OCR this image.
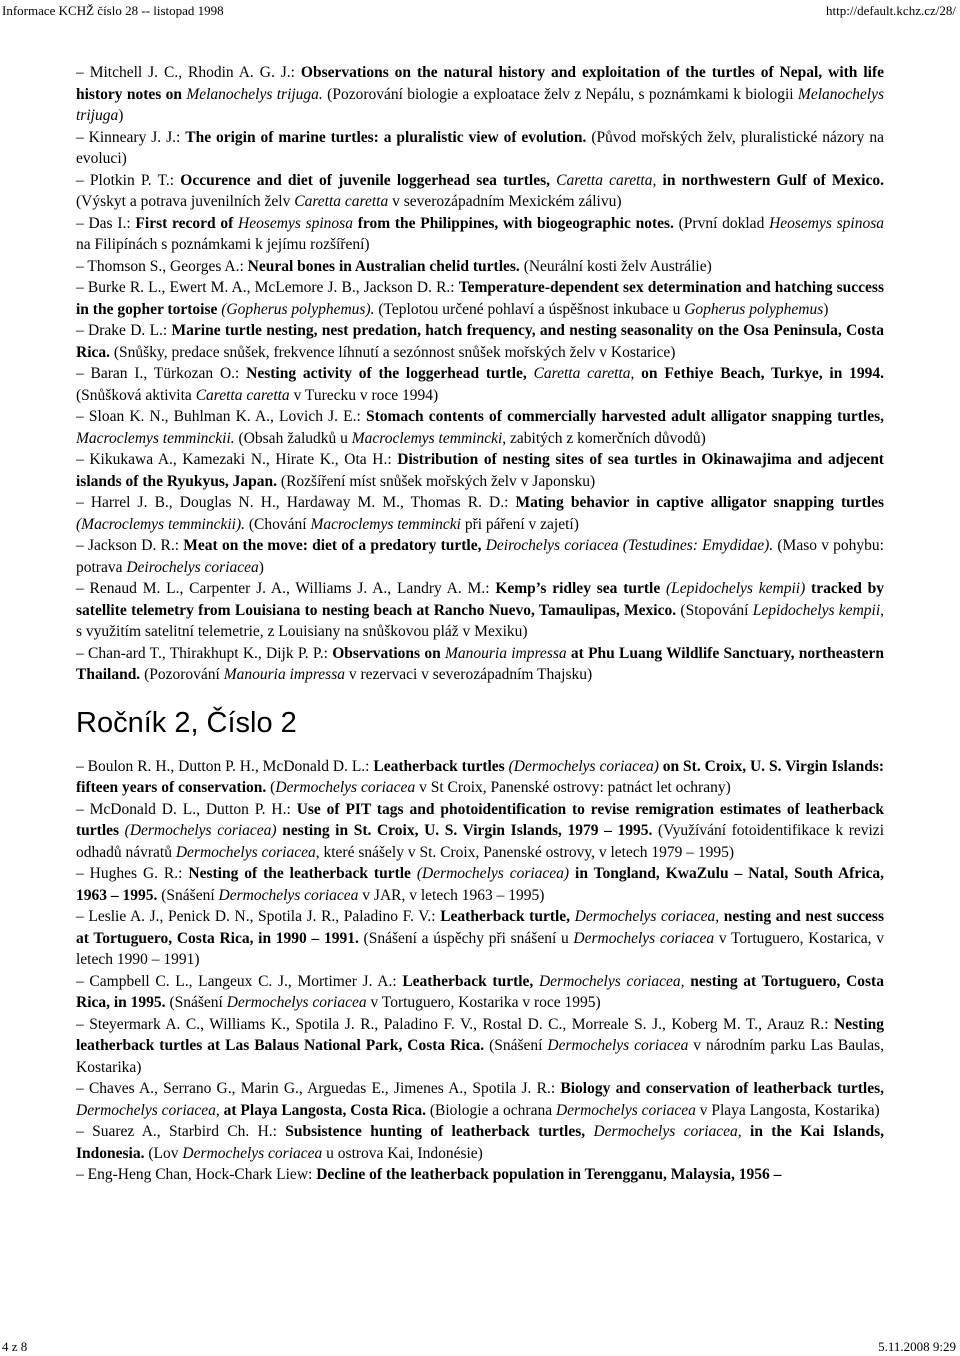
Informace KCHŽ číslo 28 -- listopad 1998	http://default.kchz.cz/28/

– Mitchell J. C., Rhodin A. G. J.: Observations on the natural history and exploitation of the turtles of Nepal, with life history notes on Melanochelys trijuga. (Pozorování biologie a exploatace želv z Nepálu, s poznámkami k biologii Melanochelys trijuga)

– Kinneary J. J.: The origin of marine turtles: a pluralistic view of evolution. (Původ mořských želv, pluralistické názory na evoluci)

– Plotkin P. T.: Occurence and diet of juvenile loggerhead sea turtles, Caretta caretta, in northwestern Gulf of Mexico. (Výskyt a potrava juvenilních želv Caretta caretta v severozápadním Mexickém zálivu)

– Das I.: First record of Heosemys spinosa from the Philippines, with biogeographic notes. (První doklad Heosemys spinosa na Filipínách s poznámkami k jejímu rozšíření)

– Thomson S., Georges A.: Neural bones in Australian chelid turtles. (Neurální kosti želv Austrálie)

– Burke R. L., Ewert M. A., McLemore J. B., Jackson D. R.: Temperature-dependent sex determination and hatching success in the gopher tortoise (Gopherus polyphemus). (Teplotou určené pohlaví a úspěšnost inkubace u Gopherus polyphemus)

– Drake D. L.: Marine turtle nesting, nest predation, hatch frequency, and nesting seasonality on the Osa Peninsula, Costa Rica. (Snůšky, predace snůšek, frekvence líhnutí a sezónnost snůšek mořských želv v Kostarice)

– Baran I., Türkozan O.: Nesting activity of the loggerhead turtle, Caretta caretta, on Fethiye Beach, Turkye, in 1994. (Snůšková aktivita Caretta caretta v Turecku v roce 1994)

– Sloan K. N., Buhlman K. A., Lovich J. E.: Stomach contents of commercially harvested adult alligator snapping turtles, Macroclemys temminckii. (Obsah žaludků u Macroclemys temmincki, zabitých z komerčních důvodů)

– Kikukawa A., Kamezaki N., Hirate K., Ota H.: Distribution of nesting sites of sea turtles in Okinawajima and adjecent islands of the Ryukyus, Japan. (Rozšíření míst snůšek mořských želv v Japonsku)

– Harrel J. B., Douglas N. H., Hardaway M. M., Thomas R. D.: Mating behavior in captive alligator snapping turtles (Macroclemys temminckii). (Chování Macroclemys temmincki při páření v zajetí)

– Jackson D. R.: Meat on the move: diet of a predatory turtle, Deirochelys coriacea (Testudines: Emydidae). (Maso v pohybu: potrava Deirochelys coriacea)

– Renaud M. L., Carpenter J. A., Williams J. A., Landry A. M.: Kemp’s ridley sea turtle (Lepidochelys kempii) tracked by satellite telemetry from Louisiana to nesting beach at Rancho Nuevo, Tamaulipas, Mexico. (Stopování Lepidochelys kempii, s využitím satelitní telemetrie, z Louisiany na snůškovou pláž v Mexiku)

– Chan-ard T., Thirakhupt K., Dijk P. P.: Observations on Manouria impressa at Phu Luang Wildlife Sanctuary, northeastern Thailand. (Pozorování Manouria impressa v rezervaci v severozápadním Thajsku)

Ročník 2, Číslo 2

– Boulon R. H., Dutton P. H., McDonald D. L.: Leatherback turtles (Dermochelys coriacea) on St. Croix, U. S. Virgin Islands: fifteen years of conservation. (Dermochelys coriacea v St Croix, Panenské ostrovy: patnáct let ochrany)

– McDonald D. L., Dutton P. H.: Use of PIT tags and photoidentification to revise remigration estimates of leatherback turtles (Dermochelys coriacea) nesting in St. Croix, U. S. Virgin Islands, 1979 – 1995. (Využívání fotoidentifikace k revizi odhadů návratů Dermochelys coriacea, které snášely v St. Croix, Panenské ostrovy, v letech 1979 – 1995)

– Hughes G. R.: Nesting of the leatherback turtle (Dermochelys coriacea) in Tongland, KwaZulu – Natal, South Africa, 1963 – 1995. (Snášení Dermochelys coriacea v JAR, v letech 1963 – 1995)

– Leslie A. J., Penick D. N., Spotila J. R., Paladino F. V.: Leatherback turtle, Dermochelys coriacea, nesting and nest success at Tortuguero, Costa Rica, in 1990 – 1991. (Snášení a úspěchy při snášení u Dermochelys coriacea v Tortuguero, Kostarica, v letech 1990 – 1991)

– Campbell C. L., Langeux C. J., Mortimer J. A.: Leatherback turtle, Dermochelys coriacea, nesting at Tortuguero, Costa Rica, in 1995. (Snášení Dermochelys coriacea v Tortuguero, Kostarika v roce 1995)

– Steyermark A. C., Williams K., Spotila J. R., Paladino F. V., Rostal D. C., Morreale S. J., Koberg M. T., Arauz R.: Nesting leatherback turtles at Las Balaus National Park, Costa Rica. (Snášení Dermochelys coriacea v národním parku Las Baulas, Kostarika)

– Chaves A., Serrano G., Marin G., Arguedas E., Jimenes A., Spotila J. R.: Biology and conservation of leatherback turtles, Dermochelys coriacea, at Playa Langosta, Costa Rica. (Biologie a ochrana Dermochelys coriacea v Playa Langosta, Kostarika)

– Suarez A., Starbird Ch. H.: Subsistence hunting of leatherback turtles, Dermochelys coriacea, in the Kai Islands, Indonesia. (Lov Dermochelys coriacea u ostrova Kai, Indonésie)

– Eng-Heng Chan, Hock-Chark Liew: Decline of the leatherback population in Terengganu, Malaysia, 1956 –

4 z 8	5.11.2008 9:29
